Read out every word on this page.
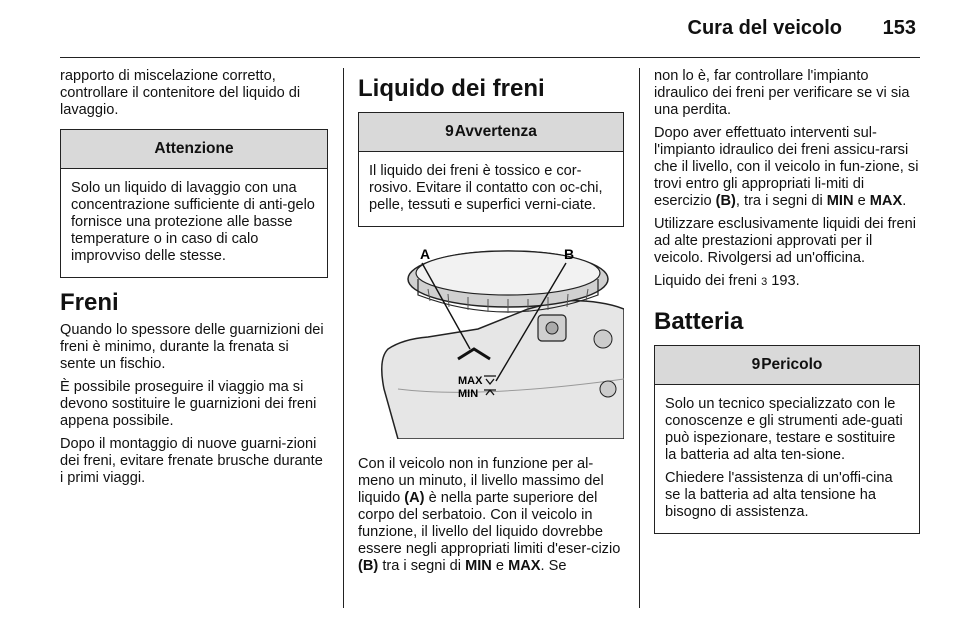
Cura del veicolo 153

rapporto di miscelazione corretto, controllare il contenitore del liquido di lavaggio.

Attenzione

Solo un liquido di lavaggio con una concentrazione sufficiente di anti-gelo fornisce una protezione alle basse temperature o in caso di calo improvviso delle stesse.

Freni

Quando lo spessore delle guarnizioni dei freni è minimo, durante la frenata si sente un fischio.

È possibile proseguire il viaggio ma si devono sostituire le guarnizioni dei freni appena possibile.

Dopo il montaggio di nuove guarni-zioni dei freni, evitare frenate brusche durante i primi viaggi.

Liquido dei freni
9Avvertenza

Il liquido dei freni è tossico e cor-rosivo. Evitare il contatto con oc-chi, pelle, tessuti e superfici verni-ciate.

A	B
MAX
MIN

Con il veicolo non in funzione per al-meno un minuto, il livello massimo del liquido (A) è nella parte superiore del corpo del serbatoio. Con il veicolo in funzione, il livello del liquido dovrebbe essere negli appropriati limiti d'eser-cizio (B) tra i segni di MIN e MAX. Se

non lo è, far controllare l'impianto idraulico dei freni per verificare se vi sia una perdita.

Dopo aver effettuato interventi sul-l'impianto idraulico dei freni assicu-rarsi che il livello, con il veicolo in fun-zione, si trovi entro gli appropriati li-miti di esercizio (B), tra i segni di MIN e MAX.

Utilizzare esclusivamente liquidi dei freni ad alte prestazioni approvati per il veicolo. Rivolgersi ad un'officina.

Liquido dei freni 3 193.

Batteria
9Pericolo

Solo un tecnico specializzato con le conoscenze e gli strumenti ade-guati può ispezionare, testare e sostituire la batteria ad alta ten-sione.

Chiedere l'assistenza di un'offi-cina se la batteria ad alta tensione ha bisogno di assistenza.
